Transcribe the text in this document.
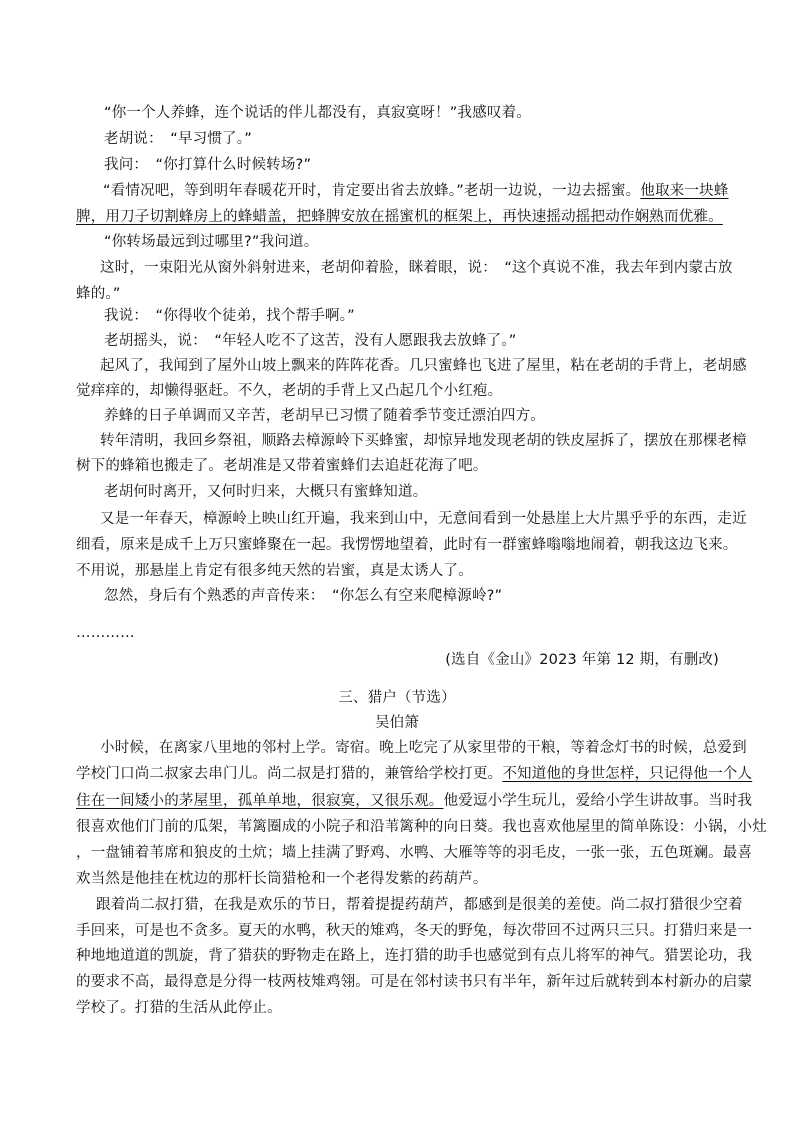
“你一个人养蜂，连个说话的伴儿都没有，真寂寞呀！”我感叹着。
老胡说：　“早习惯了。”
我问：　“你打算什么时候转场?”
“看情况吧，等到明年春暖花开时，肯定要出省去放蜂。”老胡一边说，一边去摇蜜。他取来一块蜂
脾，用刀子切割蜂房上的蜂蜡盖，把蜂脾安放在摇蜜机的框架上，再快速摇动摇把动作娴熟而优雅。
“你转场最远到过哪里?”我问道。
这时，一束阳光从窗外斜射进来，老胡仰着脸，眯着眼，说：　“这个真说不准，我去年到内蒙古放
蜂的。”
我说：　“你得收个徒弟，找个帮手啊。”
老胡摇头，说：　“年轻人吃不了这苦，没有人愿跟我去放蜂了。”
起风了，我闻到了屋外山坡上飘来的阵阵花香。几只蜜蜂也飞进了屋里，粘在老胡的手背上，老胡感
觉痒痒的，却懒得驱赶。不久，老胡的手背上又凸起几个小红疱。
养蜂的日子单调而又辛苦，老胡早已习惯了随着季节变迁漂泊四方。
转年清明，我回乡祭祖，顺路去樟源岭下买蜂蜜，却惊异地发现老胡的铁皮屋拆了，摆放在那棵老樟
树下的蜂箱也搬走了。老胡准是又带着蜜蜂们去追赶花海了吧。
老胡何时离开，又何时归来，大概只有蜜蜂知道。
又是一年春天，樟源岭上映山红开遍，我来到山中，无意间看到一处悬崖上大片黑乎乎的东西，走近
细看，原来是成千上万只蜜蜂聚在一起。我愣愣地望着，此时有一群蜜蜂嗡嗡地闹着，朝我这边飞来。
不用说，那悬崖上肯定有很多纯天然的岩蜜，真是太诱人了。
忽然，身后有个熟悉的声音传来：　“你怎么有空来爬樟源岭?”
…………
(选自《金山》2023 年第 12 期，有删改)
三、猎户（节选）
吴伯箫
小时候，在离家八里地的邻村上学。寄宿。晚上吃完了从家里带的干粮，等着念灯书的时候，总爱到
学校门口尚二叔家去串门儿。尚二叔是打猎的，兼管给学校打更。不知道他的身世怎样，只记得他一个人
住在一间矮小的茅屋里，孤单单地，很寂寞，又很乐观。他爱逗小学生玩儿，爱给小学生讲故事。当时我
很喜欢他们门前的瓜架，苇篱圈成的小院子和沿苇篱种的向日葵。我也喜欢他屋里的简单陈设：小锅，小灶
，一盘铺着苇席和狼皮的土炕；墙上挂满了野鸡、水鸭、大雁等等的羽毛皮，一张一张，五色斑斓。最喜
欢当然是他挂在枕边的那杆长筒猎枪和一个老得发紫的药葫芦。
跟着尚二叔打猎，在我是欢乐的节日，帮着提提药葫芦，都感到是很美的差使。尚二叔打猎很少空着
手回来，可是也不贪多。夏天的水鸭，秋天的雉鸡，冬天的野兔，每次带回不过两只三只。打猎归来是一
种地地道道的凯旋，背了猎获的野物走在路上，连打猎的助手也感觉到有点儿将军的神气。猎罢论功，我
的要求不高，最得意是分得一枝两枝雉鸡翎。可是在邻村读书只有半年，新年过后就转到本村新办的启蒙
学校了。打猎的生活从此停止。
